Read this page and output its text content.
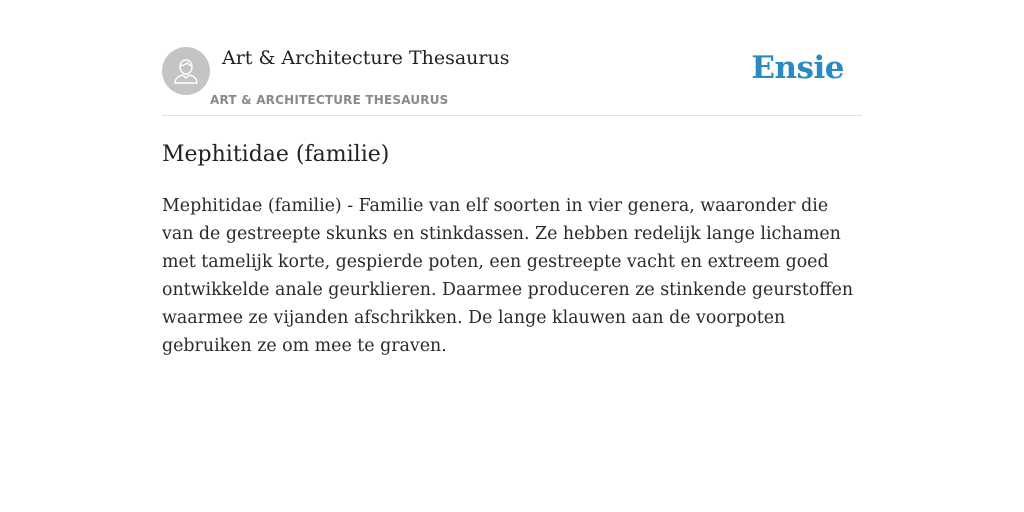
Art & Architecture Thesaurus
ART & ARCHITECTURE THESAURUS
Ensie
Mephitidae (familie)

Mephitidae (familie) - Familie van elf soorten in vier genera, waaronder die van de gestreepte skunks en stinkdassen. Ze hebben redelijk lange lichamen met tamelijk korte, gespierde poten, een gestreepte vacht en extreem goed ontwikkelde anale geurklieren. Daarmee produceren ze stinkende geurstoffen waarmee ze vijanden afschrikken. De lange klauwen aan de voorpoten gebruiken ze om mee te graven.
